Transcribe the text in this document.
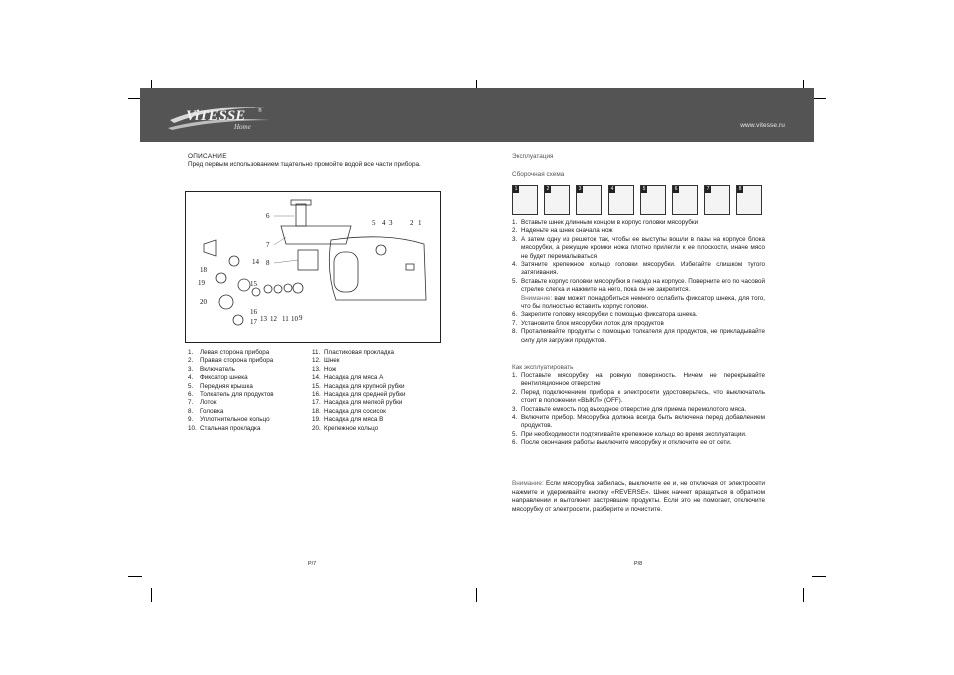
ViTESSE	®
Home	www.vitesse.ru
ОПИСАНИЕ
Пред первым использованием тщательно промойте водой все части прибора.
6
7
8
5 4 3	2 1
14
18
19
20
15
16
17 13 12 11 10 9
1. Левая сторона прибора
2. Правая сторона прибора
3. Включатель
4. Фиксатор шнека
5. Передняя крышка
6. Толкатель для продуктов
7. Лоток
8. Головка
9. Уплотнительное кольцо
10. Стальная прокладка
11. Пластиковая прокладка
12. Шнек
13. Нож
14. Насадка для мяса А
15. Насадка для крупной рубки
16. Насадка для средней рубки
17. Насадка для мелкой рубки
18. Насадка для сосисок
19. Насадка для мяса В
20. Крепежное кольцо
P/7
Эксплуатация
Сборочная схема
1	2	3	4	5	6	7	8
1. Вставьте шнек длинным концом в корпус головки мясорубки
2. Наденьте на шнек сначала нож
3. А затем одну из решеток так, чтобы ее выступы вошли в пазы на корпусе блока мясорубки, а режущие кромки ножа плотно прилегли к ее плоскости, иначе мясо не будет перемалываться
4. Затяните крепежное кольцо головки мясорубки. Избегайте слишком тугого затягивания.
5. Вставьте корпус головки мясорубки в гнездо на корпусе. Поверните его по часовой стрелке слегка и нажмите на него, пока он не закрепится.
Внимание: вам может понадобиться немного ослабить фиксатор шнека, для того, что бы полностью вставить корпус головки.
6. Закрепите головку мясорубки с помощью фиксатора шнека.
7. Установите блок мясорубки лоток для продуктов
8. Проталкивайте продукты с помощью толкателя для продуктов, не прикладывайте силу для загрузки продуктов.
Как эксплуатировать
1. Поставьте мясорубку на ровную поверхность. Ничем не перекрывайте вентиляционное отверстие
2. Перед подключением прибора к электросети удостоверьтесь, что выключатель стоит в положении «ВЫКЛ» (OFF).
3. Поставьте емкость под выходное отверстие для приема перемолотого мяса.
4. Включите прибор. Мясорубка должна всегда быть включена перед добавлением продуктов.
5. При необходимости подтягивайте крепежное кольцо во время эксплуатации.
6. После окончания работы выключите мясорубку и отключите ее от сети.
Внимание: Если мясорубка забилась, выключите ее и, не отключая от электросети нажмите и удерживайте кнопку «REVERSE». Шнек начнет вращаться в обратном направлении и вытолкнет застрявшие продукты. Если это не помогает, отключите мясорубку от электросети, разберите и почистите.
P/8
